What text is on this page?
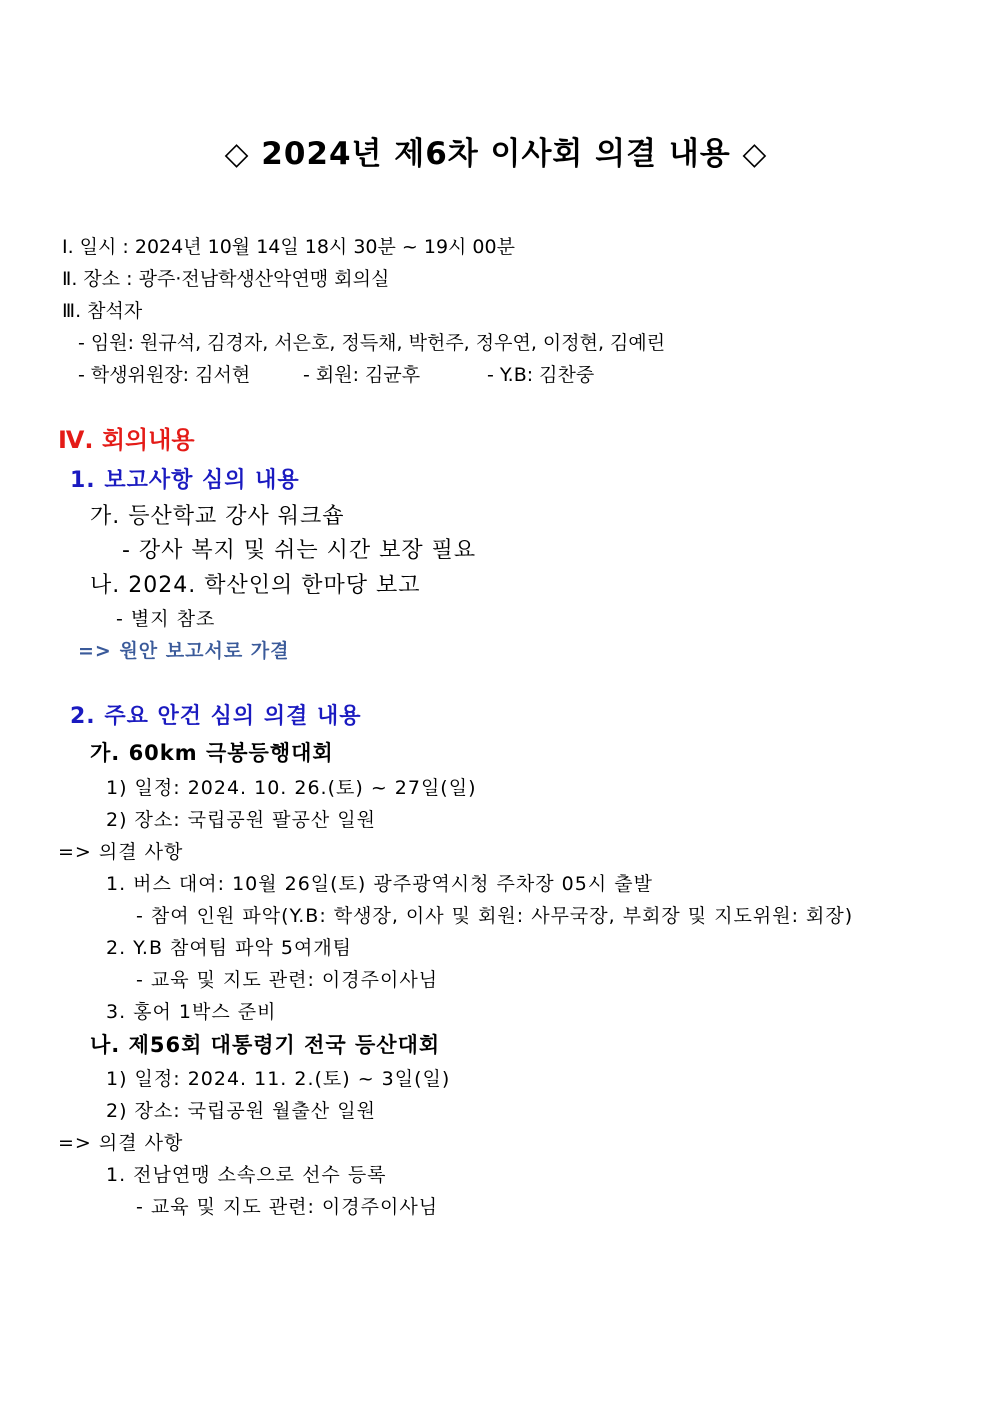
◇ 2024년 제6차 이사회 의결 내용 ◇
Ⅰ. 일시 : 2024년 10월 14일 18시 30분 ~ 19시 00분
Ⅱ. 장소 : 광주·전남학생산악연맹 회의실
Ⅲ. 참석자
- 임원: 원규석, 김경자, 서은호, 정득채, 박헌주, 정우연, 이정현, 김예린
- 학생위원장: 김서현	- 회원: 김균후	- Y.B: 김찬중
Ⅳ. 회의내용
1. 보고사항 심의 내용
가. 등산학교 강사 워크숍
- 강사 복지 및 쉬는 시간 보장 필요
나. 2024. 학산인의 한마당 보고
- 별지 참조
=> 원안 보고서로 가결
2. 주요 안건 심의 의결 내용
가. 60km 극봉등행대회
1) 일정: 2024. 10. 26.(토) ~ 27일(일)
2) 장소: 국립공원 팔공산 일원
=> 의결 사항
1. 버스 대여: 10월 26일(토) 광주광역시청 주차장 05시 출발
- 참여 인원 파악(Y.B: 학생장, 이사 및 회원: 사무국장, 부회장 및 지도위원: 회장)
2. Y.B 참여팀 파악 5여개팀
- 교육 및 지도 관련: 이경주이사님
3. 홍어 1박스 준비
나. 제56회 대통령기 전국 등산대회
1) 일정: 2024. 11. 2.(토) ~ 3일(일)
2) 장소: 국립공원 월출산 일원
=> 의결 사항
1. 전남연맹 소속으로 선수 등록
- 교육 및 지도 관련: 이경주이사님
